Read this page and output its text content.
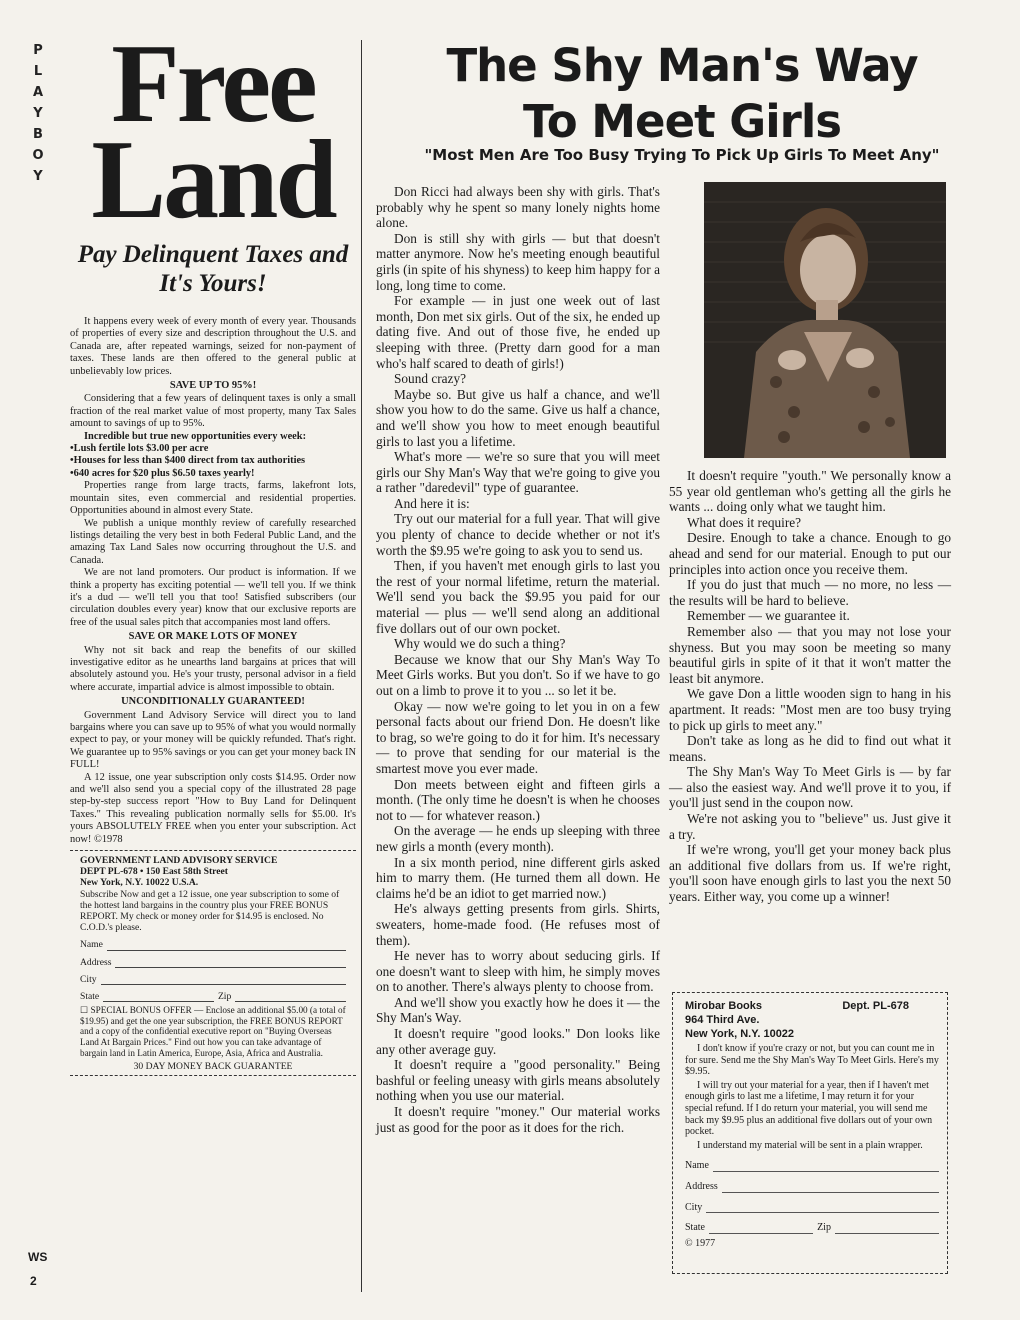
P
L
A
Y
B
O
Y
WS
2
Free
Land
Pay Delinquent Taxes and It's Yours!

It happens every week of every month of every year. Thousands of properties of every size and description throughout the U.S. and Canada are, after repeated warnings, seized for non-payment of taxes. These lands are then offered to the general public at unbelievably low prices.

SAVE UP TO 95%!

Considering that a few years of delinquent taxes is only a small fraction of the real market value of most property, many Tax Sales amount to savings of up to 95%.

Incredible but true new opportunities every week:

• Lush fertile lots $3.00 per acre
• Houses for less than $400 direct from tax authorities
• 640 acres for $20 plus $6.50 taxes yearly!

Properties range from large tracts, farms, lakefront lots, mountain sites, even commercial and residential properties. Opportunities abound in almost every State.

We publish a unique monthly review of carefully researched listings detailing the very best in both Federal Public Land, and the amazing Tax Land Sales now occurring throughout the U.S. and Canada.

We are not land promoters. Our product is information. If we think a property has exciting potential — we'll tell you. If we think it's a dud — we'll tell you that too! Satisfied subscribers (our circulation doubles every year) know that our exclusive reports are free of the usual sales pitch that accompanies most land offers.

SAVE OR MAKE LOTS OF MONEY

Why not sit back and reap the benefits of our skilled investigative editor as he unearths land bargains at prices that will absolutely astound you. He's your trusty, personal advisor in a field where accurate, impartial advice is almost impossible to obtain.

UNCONDITIONALLY GUARANTEED!

Government Land Advisory Service will direct you to land bargains where you can save up to 95% of what you would normally expect to pay, or your money will be quickly refunded. That's right. We guarantee up to 95% savings or you can get your money back IN FULL!

A 12 issue, one year subscription only costs $14.95. Order now and we'll also send you a special copy of the illustrated 28 page step-by-step success report "How to Buy Land for Delinquent Taxes." This revealing publication normally sells for $5.00. It's yours ABSOLUTELY FREE when you enter your subscription. Act now! ©1978

GOVERNMENT LAND ADVISORY SERVICE
DEPT PL-678 • 150 East 58th Street
New York, N.Y. 10022 U.S.A.
Subscribe Now and get a 12 issue, one year subscription to some of the hottest land bargains in the country plus your FREE BONUS REPORT. My check or money order for $14.95 is enclosed. No C.O.D.'s please.
Name
Address
City
State	Zip
☐ SPECIAL BONUS OFFER — Enclose an additional $5.00 (a total of $19.95) and get the one year subscription, the FREE BONUS REPORT and a copy of the confidential executive report on "Buying Overseas Land At Bargain Prices." Find out how you can take advantage of bargain land in Latin America, Europe, Asia, Africa and Australia.
30 DAY MONEY BACK GUARANTEE
The Shy Man's Way
To Meet Girls
"Most Men Are Too Busy Trying To Pick Up Girls To Meet Any"

Don Ricci had always been shy with girls. That's probably why he spent so many lonely nights home alone.

Don is still shy with girls — but that doesn't matter anymore. Now he's meeting enough beautiful girls (in spite of his shyness) to keep him happy for a long, long time to come.

For example — in just one week out of last month, Don met six girls. Out of the six, he ended up dating five. And out of those five, he ended up sleeping with three. (Pretty darn good for a man who's half scared to death of girls!)

Sound crazy?

Maybe so. But give us half a chance, and we'll show you how to do the same. Give us half a chance, and we'll show you how to meet enough beautiful girls to last you a lifetime.

What's more — we're so sure that you will meet girls our Shy Man's Way that we're going to give you a rather "daredevil" type of guarantee.

And here it is:

Try out our material for a full year. That will give you plenty of chance to decide whether or not it's worth the $9.95 we're going to ask you to send us.

Then, if you haven't met enough girls to last you the rest of your normal lifetime, return the material. We'll send you back the $9.95 you paid for our material — plus — we'll send along an additional five dollars out of our own pocket.

Why would we do such a thing?

Because we know that our Shy Man's Way To Meet Girls works. But you don't. So if we have to go out on a limb to prove it to you ... so let it be.

Okay — now we're going to let you in on a few personal facts about our friend Don. He doesn't like to brag, so we're going to do it for him. It's necessary — to prove that sending for our material is the smartest move you ever made.

Don meets between eight and fifteen girls a month. (The only time he doesn't is when he chooses not to — for whatever reason.)

On the average — he ends up sleeping with three new girls a month (every month).

In a six month period, nine different girls asked him to marry them. (He turned them all down. He claims he'd be an idiot to get married now.)

He's always getting presents from girls. Shirts, sweaters, home-made food. (He refuses most of them).

He never has to worry about seducing girls. If one doesn't want to sleep with him, he simply moves on to another. There's always plenty to choose from.

And we'll show you exactly how he does it — the Shy Man's Way.

It doesn't require "good looks." Don looks like any other average guy.

It doesn't require a "good personality." Being bashful or feeling uneasy with girls means absolutely nothing when you use our material.

It doesn't require "money." Our material works just as good for the poor as it does for the rich.

It doesn't require "youth." We personally know a 55 year old gentleman who's getting all the girls he wants ... doing only what we taught him.

What does it require?

Desire. Enough to take a chance. Enough to go ahead and send for our material. Enough to put our principles into action once you receive them.

If you do just that much — no more, no less — the results will be hard to believe.

Remember — we guarantee it.

Remember also — that you may not lose your shyness. But you may soon be meeting so many beautiful girls in spite of it that it won't matter the least bit anymore.

We gave Don a little wooden sign to hang in his apartment. It reads: "Most men are too busy trying to pick up girls to meet any."

Don't take as long as he did to find out what it means.

The Shy Man's Way To Meet Girls is — by far — also the easiest way. And we'll prove it to you, if you'll just send in the coupon now.

We're not asking you to "believe" us. Just give it a try.

If we're wrong, you'll get your money back plus an additional five dollars from us. If we're right, you'll soon have enough girls to last you the next 50 years. Either way, you come up a winner!

Mirobar Books	Dept. PL-678
964 Third Ave.
New York, N.Y. 10022

I don't know if you're crazy or not, but you can count me in for sure. Send me the Shy Man's Way To Meet Girls. Here's my $9.95.

I will try out your material for a year, then if I haven't met enough girls to last me a lifetime, I may return it for your special refund. If I do return your material, you will send me back my $9.95 plus an additional five dollars out of your own pocket.

I understand my material will be sent in a plain wrapper.

Name
Address
City
State	Zip
© 1977
